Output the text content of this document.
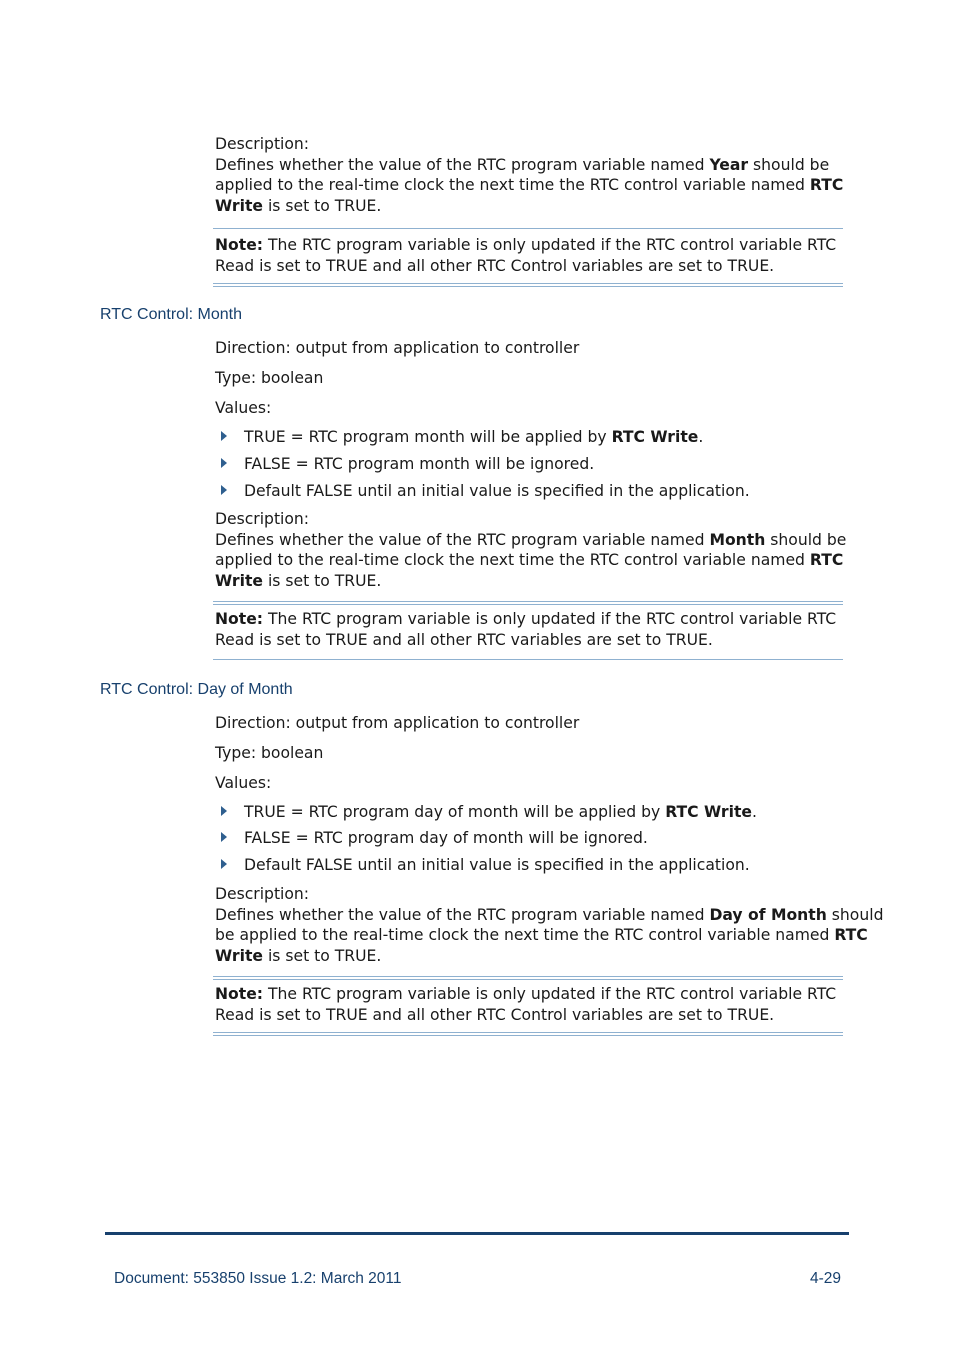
Description:
Defines whether the value of the RTC program variable named Year should be
applied to the real-time clock the next time the RTC control variable named RTC
Write is set to TRUE.
Note: The RTC program variable is only updated if the RTC control variable RTC
Read is set to TRUE and all other RTC Control variables are set to TRUE.
RTC Control: Month
Direction: output from application to controller
Type: boolean
Values:
TRUE = RTC program month will be applied by RTC Write.
FALSE = RTC program month will be ignored.
Default FALSE until an initial value is specified in the application.
Description:
Defines whether the value of the RTC program variable named Month should be
applied to the real-time clock the next time the RTC control variable named RTC
Write is set to TRUE.
Note: The RTC program variable is only updated if the RTC control variable RTC
Read is set to TRUE and all other RTC variables are set to TRUE.
RTC Control: Day of Month
Direction: output from application to controller
Type: boolean
Values:
TRUE = RTC program day of month will be applied by RTC Write.
FALSE = RTC program day of month will be ignored.
Default FALSE until an initial value is specified in the application.
Description:
Defines whether the value of the RTC program variable named Day of Month should
be applied to the real-time clock the next time the RTC control variable named RTC
Write is set to TRUE.
Note: The RTC program variable is only updated if the RTC control variable RTC
Read is set to TRUE and all other RTC Control variables are set to TRUE.
Document: 553850 Issue 1.2: March 2011	4-29
